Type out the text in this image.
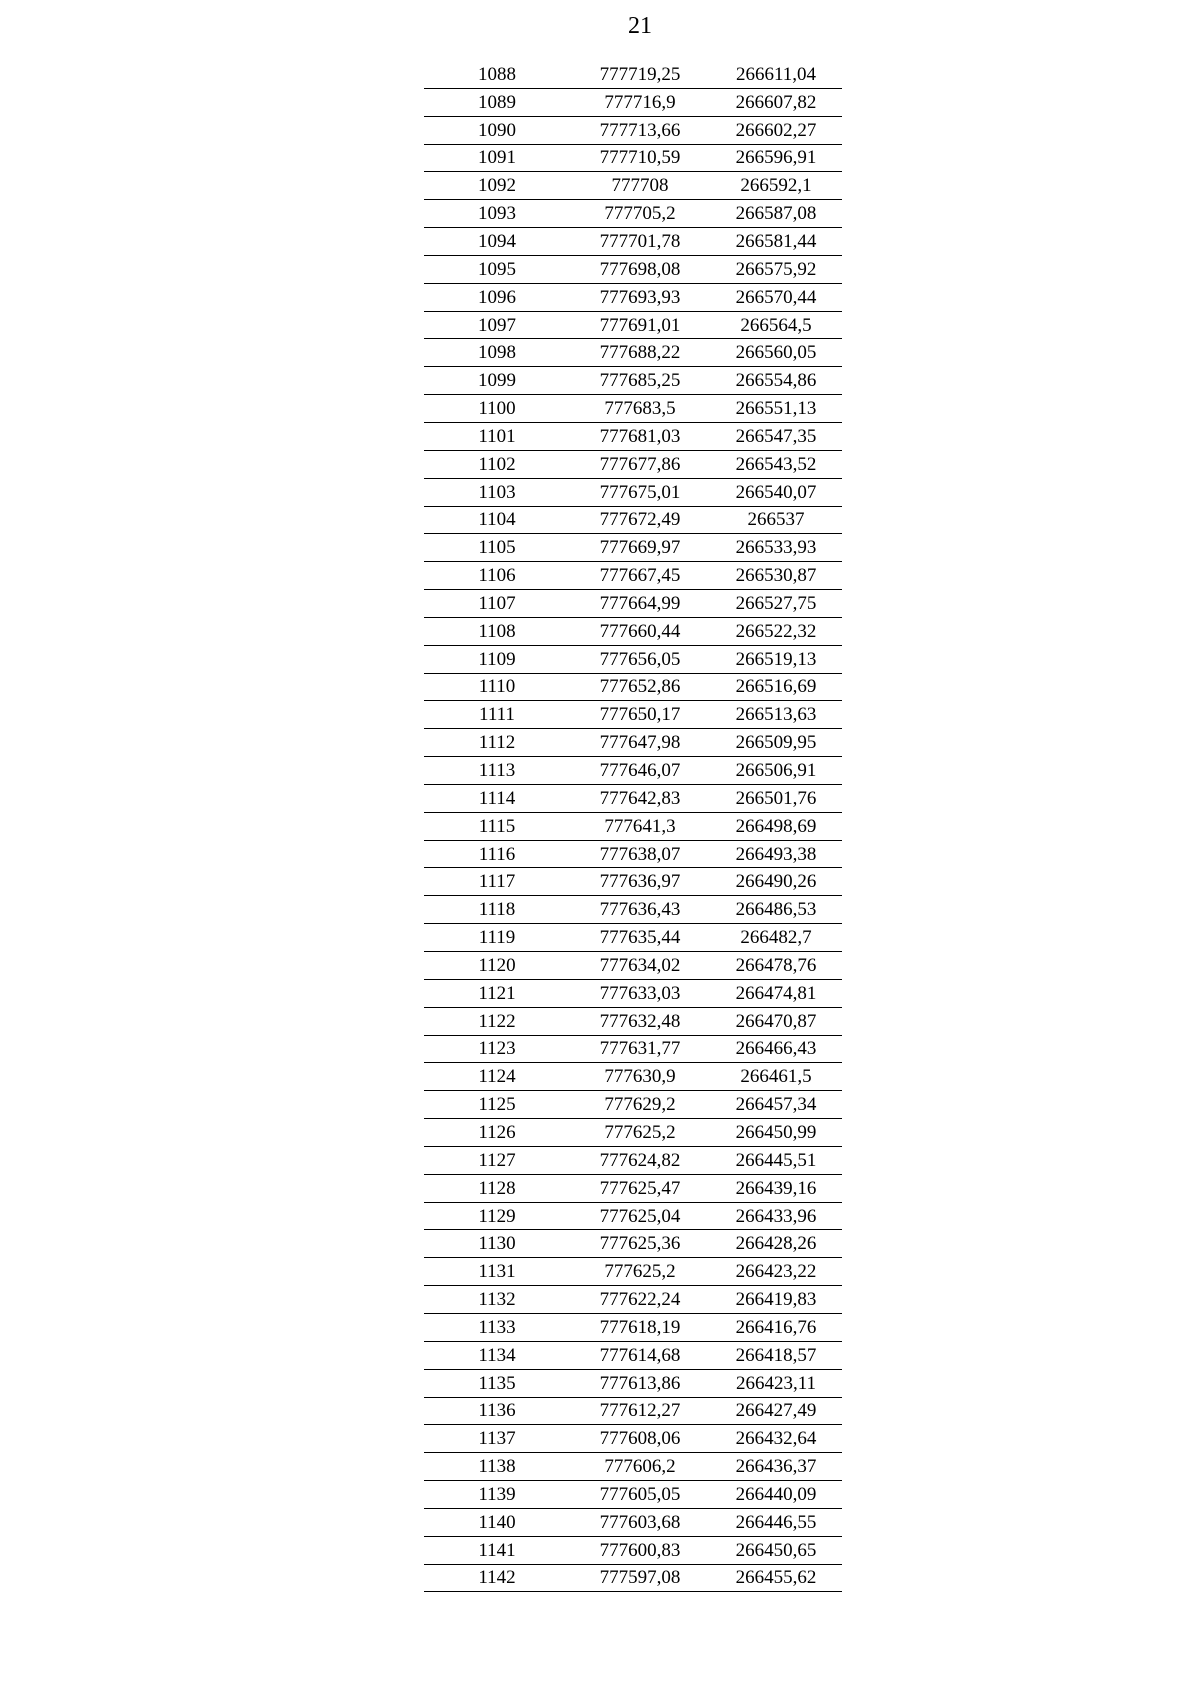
21
1088	777719,25	266611,04
1089	777716,9	266607,82
1090	777713,66	266602,27
1091	777710,59	266596,91
1092	777708	266592,1
1093	777705,2	266587,08
1094	777701,78	266581,44
1095	777698,08	266575,92
1096	777693,93	266570,44
1097	777691,01	266564,5
1098	777688,22	266560,05
1099	777685,25	266554,86
1100	777683,5	266551,13
1101	777681,03	266547,35
1102	777677,86	266543,52
1103	777675,01	266540,07
1104	777672,49	266537
1105	777669,97	266533,93
1106	777667,45	266530,87
1107	777664,99	266527,75
1108	777660,44	266522,32
1109	777656,05	266519,13
1110	777652,86	266516,69
1111	777650,17	266513,63
1112	777647,98	266509,95
1113	777646,07	266506,91
1114	777642,83	266501,76
1115	777641,3	266498,69
1116	777638,07	266493,38
1117	777636,97	266490,26
1118	777636,43	266486,53
1119	777635,44	266482,7
1120	777634,02	266478,76
1121	777633,03	266474,81
1122	777632,48	266470,87
1123	777631,77	266466,43
1124	777630,9	266461,5
1125	777629,2	266457,34
1126	777625,2	266450,99
1127	777624,82	266445,51
1128	777625,47	266439,16
1129	777625,04	266433,96
1130	777625,36	266428,26
1131	777625,2	266423,22
1132	777622,24	266419,83
1133	777618,19	266416,76
1134	777614,68	266418,57
1135	777613,86	266423,11
1136	777612,27	266427,49
1137	777608,06	266432,64
1138	777606,2	266436,37
1139	777605,05	266440,09
1140	777603,68	266446,55
1141	777600,83	266450,65
1142	777597,08	266455,62
